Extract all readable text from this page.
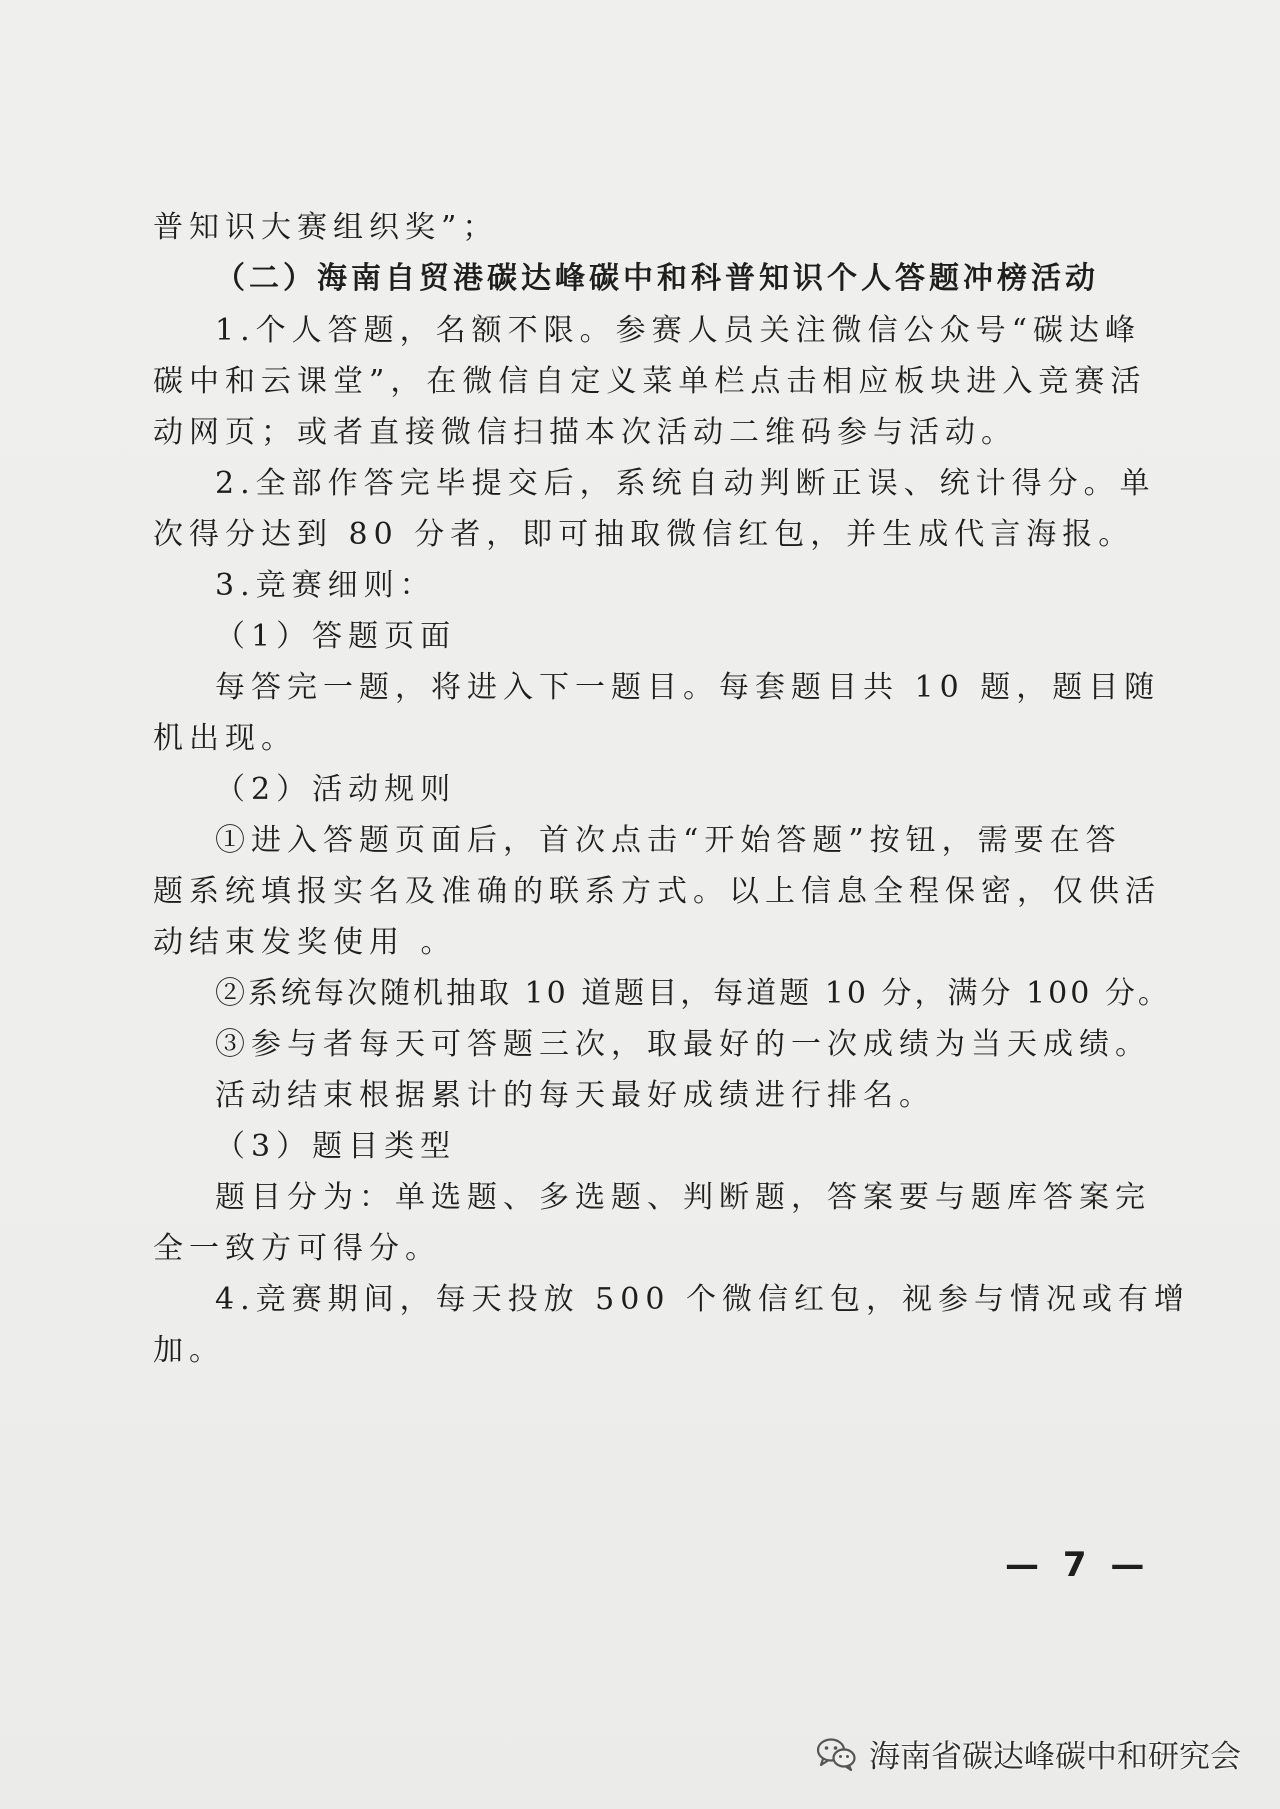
普知识大赛组织奖”；
（二）海南自贸港碳达峰碳中和科普知识个人答题冲榜活动
1.个人答题，名额不限。参赛人员关注微信公众号“碳达峰
碳中和云课堂”，在微信自定义菜单栏点击相应板块进入竞赛活
动网页；或者直接微信扫描本次活动二维码参与活动。
2.全部作答完毕提交后，系统自动判断正误、统计得分。单
次得分达到 80 分者，即可抽取微信红包，并生成代言海报。
3.竞赛细则：
（1）答题页面
每答完一题，将进入下一题目。每套题目共 10 题，题目随
机出现。
（2）活动规则
①进入答题页面后，首次点击“开始答题”按钮，需要在答
题系统填报实名及准确的联系方式。以上信息全程保密，仅供活
动结束发奖使用 。
②系统每次随机抽取 10 道题目，每道题 10 分，满分 100 分。
③参与者每天可答题三次，取最好的一次成绩为当天成绩。
活动结束根据累计的每天最好成绩进行排名。
（3）题目类型
题目分为：单选题、多选题、判断题，答案要与题库答案完
全一致方可得分。
4.竞赛期间，每天投放 500 个微信红包，视参与情况或有增
加。
— 7 —
海南省碳达峰碳中和研究会
